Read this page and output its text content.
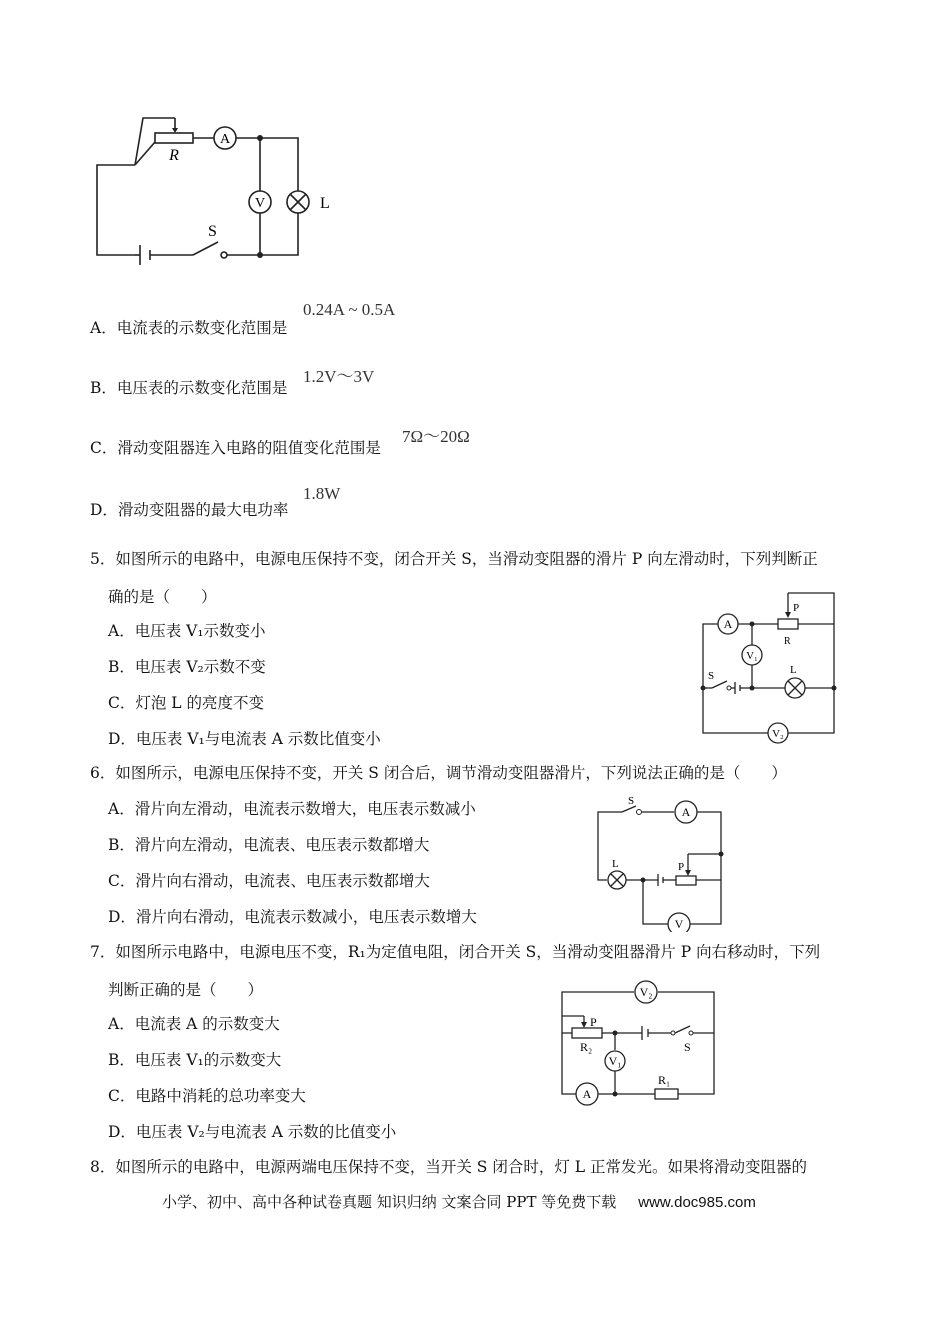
R
A
V	L
S
A．电流表的示数变化范围是
0.24A ~ 0.5A
B．电压表的示数变化范围是
1.2V～3V
C．滑动变阻器连入电路的阻值变化范围是
7Ω～20Ω
D．滑动变阻器的最大电功率
1.8W
5．如图所示的电路中，电源电压保持不变，闭合开关 S，当滑动变阻器的滑片 P 向左滑动时，下列判断正
确的是（　　）
A．电压表 V₁示数变小
B．电压表 V₂示数不变
C．灯泡 L 的亮度不变
D．电压表 V₁与电流表 A 示数比值变小
A
P
R
V₁
L
S
V₂
6．如图所示，电源电压保持不变，开关 S 闭合后，调节滑动变阻器滑片，下列说法正确的是（　　）
A．滑片向左滑动，电流表示数增大，电压表示数减小
B．滑片向左滑动，电流表、电压表示数都增大
C．滑片向右滑动，电流表、电压表示数都增大
D．滑片向右滑动，电流表示数减小，电压表示数增大
S
A
L	P
V
7．如图所示电路中，电源电压不变，R₁为定值电阻，闭合开关 S，当滑动变阻器滑片 P 向右移动时，下列
判断正确的是（　　）
A．电流表 A 的示数变大
B．电压表 V₁的示数变大
C．电路中消耗的总功率变大
D．电压表 V₂与电流表 A 示数的比值变小
V₂
P
R₂	S
V₁
R₁
A
8．如图所示的电路中，电源两端电压保持不变，当开关 S 闭合时，灯 L 正常发光。如果将滑动变阻器的
小学、初中、高中各种试卷真题 知识归纳 文案合同 PPT 等免费下载 www.doc985.com
